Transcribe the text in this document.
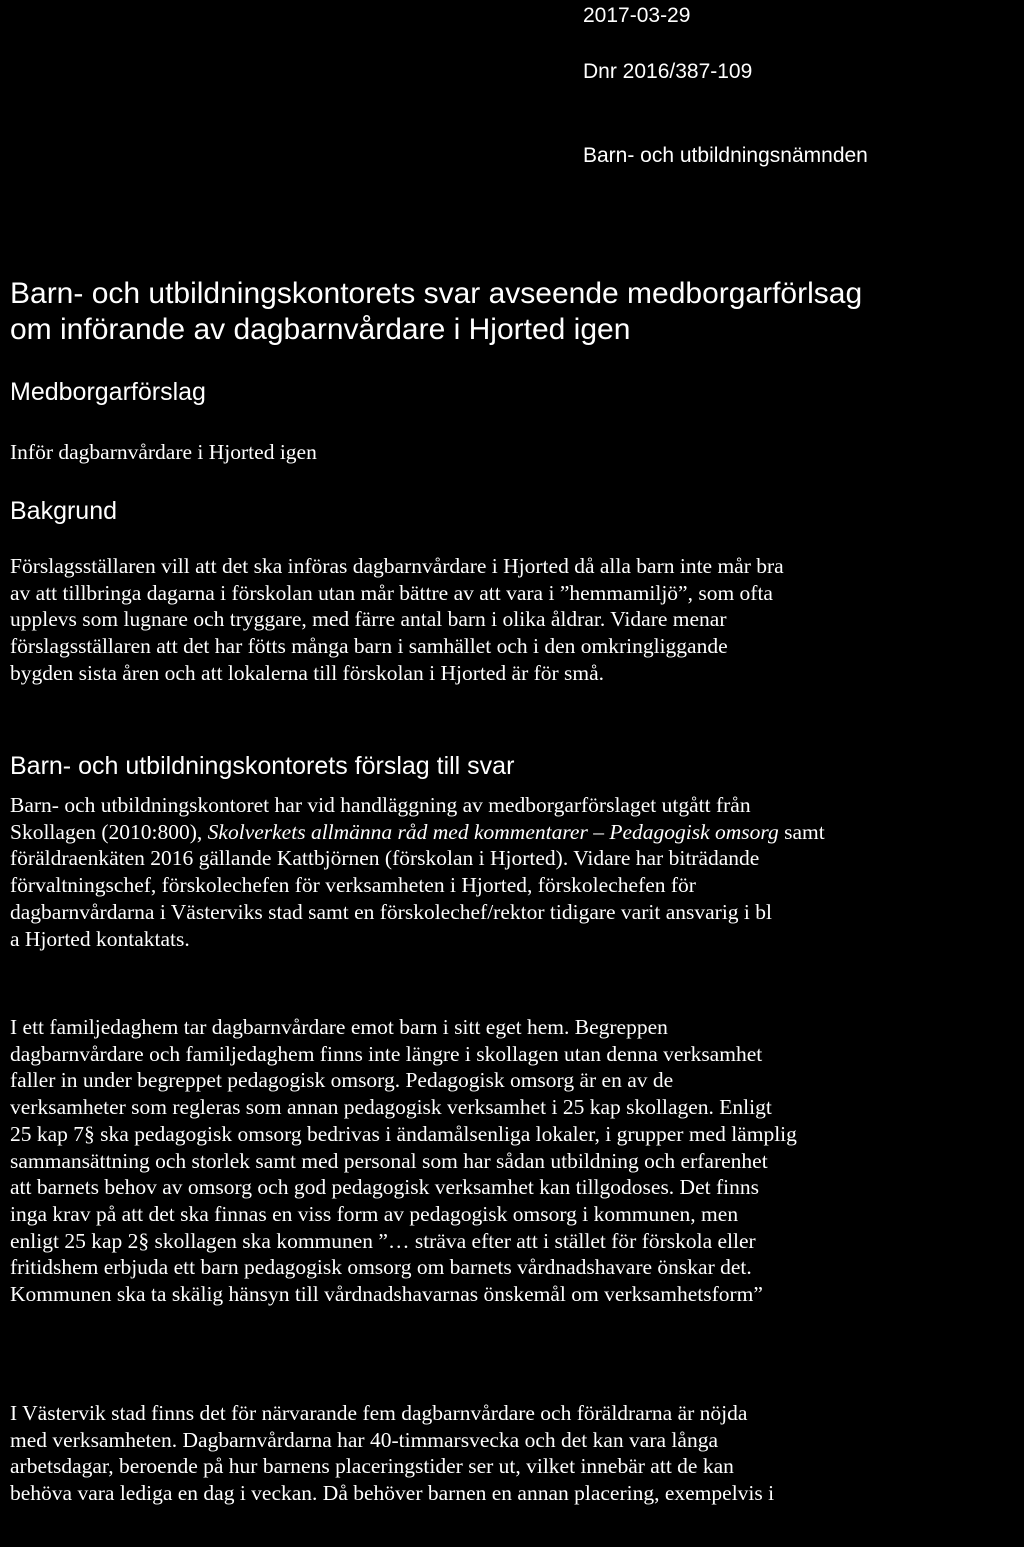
2017-03-29
Dnr 2016/387-109
Barn- och utbildningsnämnden
Barn- och utbildningskontorets svar avseende medborgarförlsag
om införande av dagbarnvårdare i Hjorted igen
Medborgarförslag
Inför dagbarnvårdare i Hjorted igen
Bakgrund
Förslagsställaren vill att det ska införas dagbarnvårdare i Hjorted då alla barn inte mår bra
av att tillbringa dagarna i förskolan utan mår bättre av att vara i ”hemmamiljö”, som ofta
upplevs som lugnare och tryggare, med färre antal barn i olika åldrar. Vidare menar
förslagsställaren att det har fötts många barn i samhället och i den omkringliggande
bygden sista åren och att lokalerna till förskolan i Hjorted är för små.
Barn- och utbildningskontorets förslag till svar
Barn- och utbildningskontoret har vid handläggning av medborgarförslaget utgått från
Skollagen (2010:800), Skolverkets allmänna råd med kommentarer – Pedagogisk omsorg samt
föräldraenkäten 2016 gällande Kattbjörnen (förskolan i Hjorted). Vidare har biträdande
förvaltningschef, förskolechefen för verksamheten i Hjorted, förskolechefen för
dagbarnvårdarna i Västerviks stad samt en förskolechef/rektor tidigare varit ansvarig i bl
a Hjorted kontaktats.
I ett familjedaghem tar dagbarnvårdare emot barn i sitt eget hem. Begreppen
dagbarnvårdare och familjedaghem finns inte längre i skollagen utan denna verksamhet
faller in under begreppet pedagogisk omsorg. Pedagogisk omsorg är en av de
verksamheter som regleras som annan pedagogisk verksamhet i 25 kap skollagen. Enligt
25 kap 7§ ska pedagogisk omsorg bedrivas i ändamålsenliga lokaler, i grupper med lämplig
sammansättning och storlek samt med personal som har sådan utbildning och erfarenhet
att barnets behov av omsorg och god pedagogisk verksamhet kan tillgodoses. Det finns
inga krav på att det ska finnas en viss form av pedagogisk omsorg i kommunen, men
enligt 25 kap 2§ skollagen ska kommunen ”… sträva efter att i stället för förskola eller
fritidshem erbjuda ett barn pedagogisk omsorg om barnets vårdnadshavare önskar det.
Kommunen ska ta skälig hänsyn till vårdnadshavarnas önskemål om verksamhetsform”
I Västervik stad finns det för närvarande fem dagbarnvårdare och föräldrarna är nöjda
med verksamheten. Dagbarnvårdarna har 40-timmarsvecka och det kan vara långa
arbetsdagar, beroende på hur barnens placeringstider ser ut, vilket innebär att de kan
behöva vara lediga en dag i veckan. Då behöver barnen en annan placering, exempelvis i
